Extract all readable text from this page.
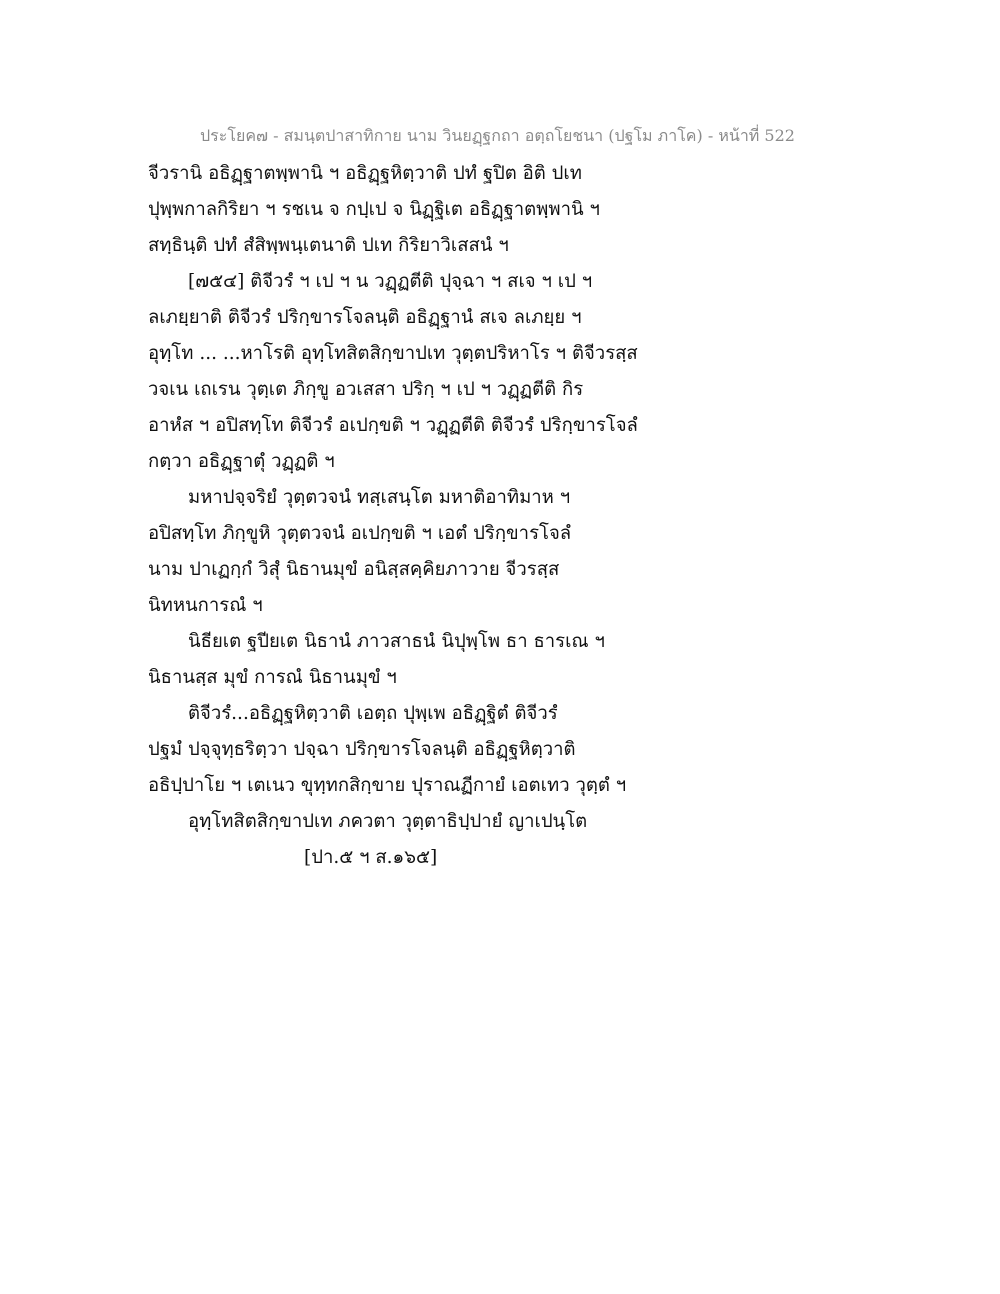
ประโยค๗ - สมนฺตปาสาทิกาย นาม วินยฏฺฐกถา อตฺถโยชนา (ปฐโม ภาโค) - หน้าที่ 522
จีวรานิ อธิฏฺฐาตพฺพานิ ฯ อธิฏฺฐหิตฺวาติ ปทํ ฐปิต อิติ ปเท
ปุพฺพกาลกิริยา ฯ รชเน จ กปฺเป จ นิฏฺฐิเต อธิฏฺฐาตพฺพานิ ฯ
สทฺธินฺติ ปทํ สํสิพฺพนฺเตนาติ ปเท กิริยาวิเสสนํ ฯ
[๗๕๔] ติจีวรํ ฯ เป ฯ น วฏฺฏตีติ ปุจฺฉา ฯ สเจ ฯ เป ฯ
ลเภยฺยาติ ติจีวรํ ปริกฺขารโจลนฺติ อธิฏฺฐานํ สเจ ลเภยฺย ฯ
อุทฺโท ... ...หาโรติ อุทฺโทสิตสิกฺขาปเท วุตฺตปริหาโร ฯ ติจีวรสฺส
วจเน เถเรน วุตฺเต ภิกฺขู อวเสสา ปริกฺ ฯ เป ฯ วฏฺฏตีติ กิร
อาหํส ฯ อปิสทฺโท ติจีวรํ อเปกฺขติ ฯ วฏฺฏตีติ ติจีวรํ ปริกฺขารโจลํ
กตฺวา อธิฏฺฐาตุํ วฏฺฏติ ฯ
มหาปจฺจริยํ วุตฺตวจนํ ทสฺเสนฺโต มหาติอาทิมาห ฯ
อปิสทฺโท ภิกฺขูหิ วุตฺตวจนํ อเปกฺขติ ฯ เอตํ ปริกฺขารโจลํ
นาม ปาเฏกฺกํ วิสุํ นิธานมุขํ อนิสฺสคฺคิยภาวาย จีวรสฺส
นิทหนการณํ ฯ
นิธียเต ฐปียเต นิธานํ ภาวสาธนํ นิปุพฺโพ ธา ธารเณ ฯ
นิธานสฺส มุขํ การณํ นิธานมุขํ ฯ
ติจีวรํ...อธิฏฺฐหิตฺวาติ เอตฺถ ปุพฺเพ อธิฏฺฐิตํ ติจีวรํ
ปฐมํ ปจฺจุทฺธริตฺวา ปจฺฉา ปริกฺขารโจลนฺติ อธิฏฺฐหิตฺวาติ
อธิปฺปาโย ฯ เตเนว ขุทฺทกสิกฺขาย ปุราณฏีกายํ เอตเทว วุตฺตํ ฯ
อุทฺโทสิตสิกฺขาปเท ภควตา วุตฺตาธิปฺปายํ ญาเปนฺโต
[ปา.๕ ฯ ส.๑๖๕]
